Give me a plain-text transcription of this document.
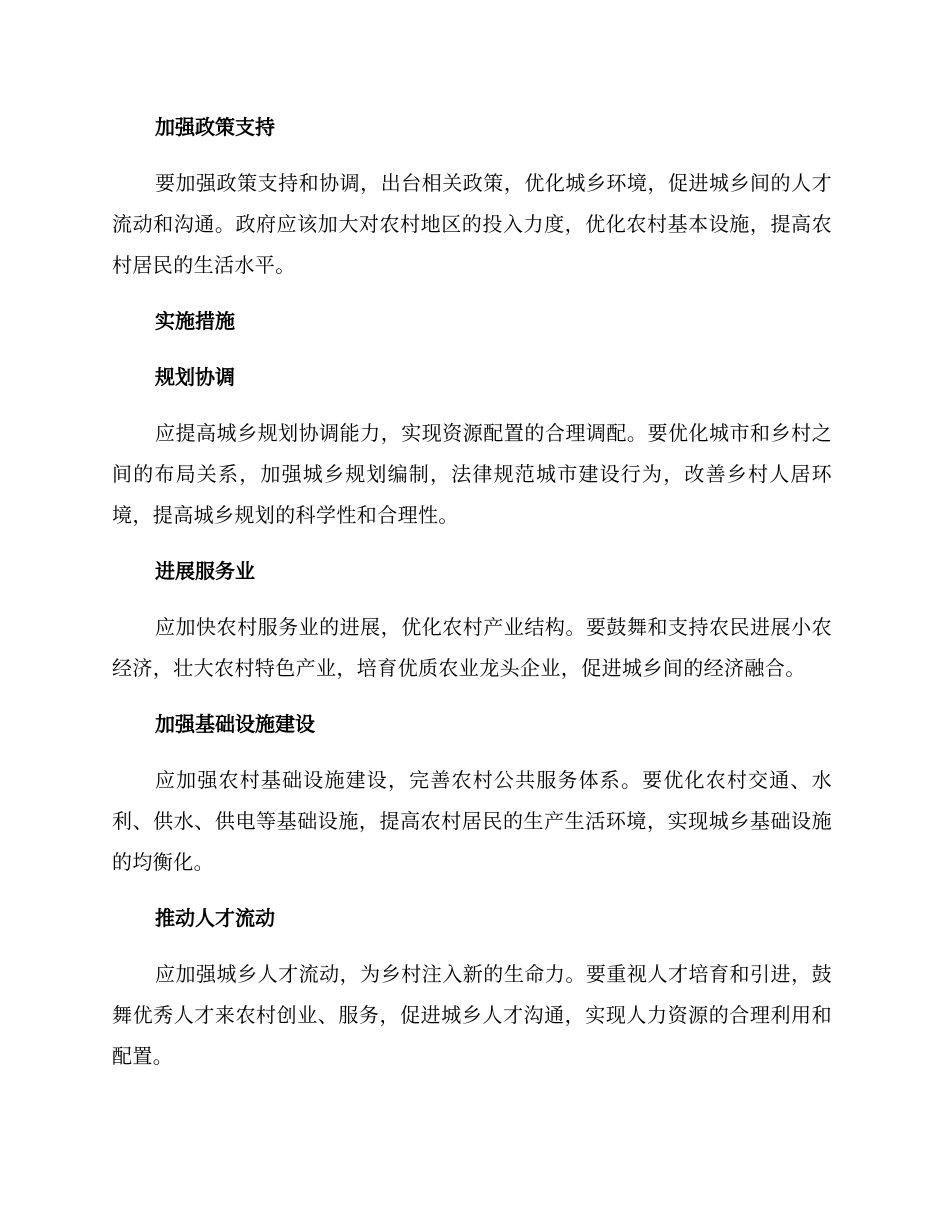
加强政策支持

要加强政策支持和协调，出台相关政策，优化城乡环境，促进城乡间的人才流动和沟通。政府应该加大对农村地区的投入力度，优化农村基本设施，提高农村居民的生活水平。

实施措施
规划协调

应提高城乡规划协调能力，实现资源配置的合理调配。要优化城市和乡村之间的布局关系，加强城乡规划编制，法律规范城市建设行为，改善乡村人居环境，提高城乡规划的科学性和合理性。

进展服务业

应加快农村服务业的进展，优化农村产业结构。要鼓舞和支持农民进展小农经济，壮大农村特色产业，培育优质农业龙头企业，促进城乡间的经济融合。

加强基础设施建设

应加强农村基础设施建设，完善农村公共服务体系。要优化农村交通、水利、供水、供电等基础设施，提高农村居民的生产生活环境，实现城乡基础设施的均衡化。

推动人才流动

应加强城乡人才流动，为乡村注入新的生命力。要重视人才培育和引进，鼓舞优秀人才来农村创业、服务，促进城乡人才沟通，实现人力资源的合理利用和配置。
